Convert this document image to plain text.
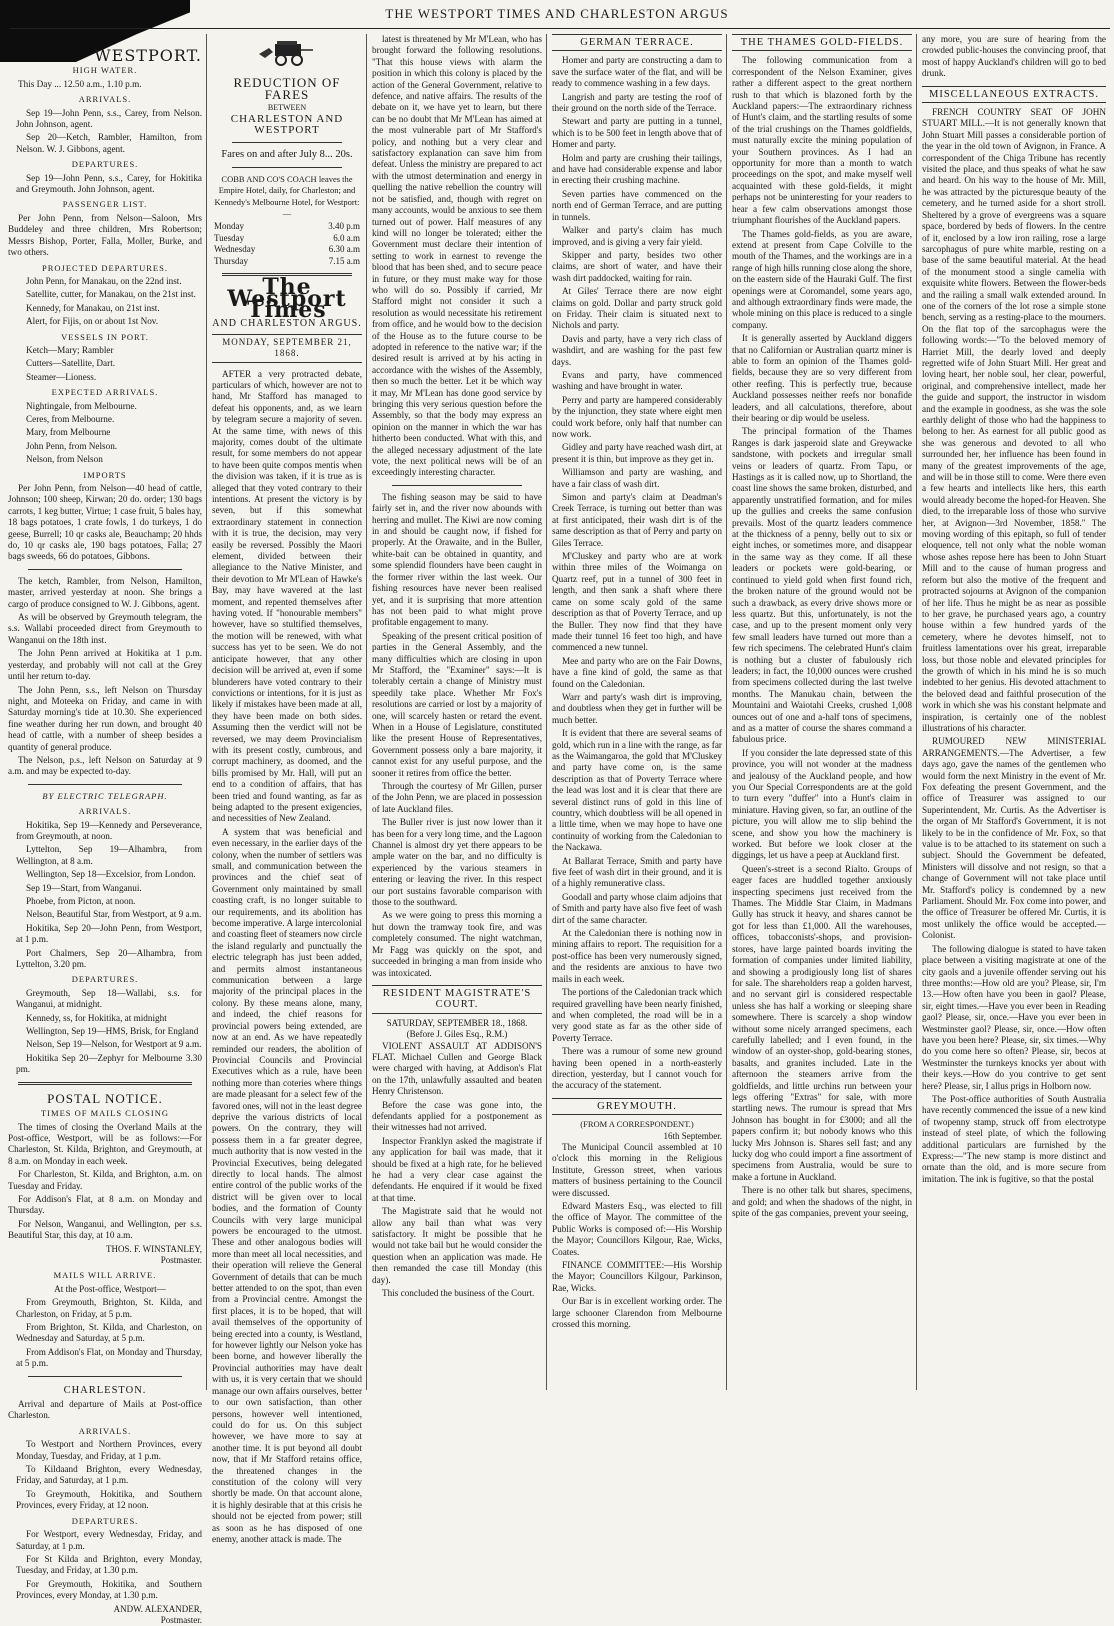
THE WESTPORT TIMES AND CHARLESTON ARGUS
WESTPORT.
HIGH WATER.

This Day ... 12.50 a.m., 1.10 p.m.

ARRIVALS.

Sep 19—John Penn, s.s., Carey, from Nelson. John Johnson, agent.

Sep 20—Ketch, Rambler, Hamilton, from Nelson. W. J. Gibbons, agent.

DEPARTURES.

Sep 19—John Penn, s.s., Carey, for Hokitika and Greymouth. John Johnson, agent.

PASSENGER LIST.

Per John Penn, from Nelson—Saloon, Mrs Buddeley and three children, Mrs Robertson; Messrs Bishop, Porter, Falla, Moller, Burke, and two others.

PROJECTED DEPARTURES.

John Penn, for Manakau, on the 22nd inst.

Satellite, cutter, for Manakau, on the 21st inst.

Kennedy, for Manakau, on 21st inst.

Alert, for Fijis, on or about 1st Nov.

VESSELS IN PORT.

Ketch—Mary; Rambler

Cutters—Satellite, Dart.

Steamer—Lioness.

EXPECTED ARRIVALS.

Nightingale, from Melbourne.

Ceres, from Melbourne.

Mary, from Melbourne

John Penn, from Nelson.

Nelson, from Nelson

IMPORTS

Per John Penn, from Nelson—40 head of cattle, Johnson; 100 sheep, Kirwan; 20 do. order; 130 bags carrots, 1 keg butter, Virtue; 1 case fruit, 5 bales hay, 18 bags potatoes, 1 crate fowls, 1 do turkeys, 1 do geese, Burrell; 10 qr casks ale, Beauchamp; 20 hhds do, 10 qr casks ale, 190 bags potatoes, Falla; 27 bags sweeds, 66 do potatoes, Gibbons.

The ketch, Rambler, from Nelson, Hamilton, master, arrived yesterday at noon. She brings a cargo of produce consigned to W. J. Gibbons, agent.

As will be observed by Greymouth telegram, the s.s. Wallabi proceeded direct from Greymouth to Wanganui on the 18th inst.

The John Penn arrived at Hokitika at 1 p.m. yesterday, and probably will not call at the Grey until her return to-day.

The John Penn, s.s., left Nelson on Thursday night, and Moteeka on Friday, and came in with Saturday morning's tide at 10.30. She experienced fine weather during her run down, and brought 40 head of cattle, with a number of sheep besides a quantity of general produce.

The Nelson, p.s., left Nelson on Saturday at 9 a.m. and may be expected to-day.

BY ELECTRIC TELEGRAPH.
ARRIVALS.

Hokitika, Sep 19—Kennedy and Perseverance, from Greymouth, at noon.

Lyttelton, Sep 19—Alhambra, from Wellington, at 8 a.m.

Wellington, Sep 18—Excelsior, from London.

Sep 19—Start, from Wanganui.

Phoebe, from Picton, at noon.

Nelson, Beautiful Star, from Westport, at 9 a.m.

Hokitika, Sep 20—John Penn, from Westport, at 1 p.m.

Port Chalmers, Sep 20—Alhambra, from Lyttelton, 3.20 pm.

DEPARTURES.

Greymouth, Sep 18—Wallabi, s.s. for Wanganui, at midnight.

Kennedy, ss, for Hokitika, at midnight

Wellington, Sep 19—HMS, Brisk, for England

Nelson, Sep 19—Nelson, for Westport at 9 a.m.

Hokitika Sep 20—Zephyr for Melbourne 3.30 pm.

POSTAL NOTICE.
TIMES OF MAILS CLOSING

The times of closing the Overland Mails at the Post-office, Westport, will be as follows:—For Charleston, St. Kilda, Brighton, and Greymouth, at 8 a.m. on Monday in each week.

For Charleston, St. Kilda, and Brighton, a.m. on Tuesday and Friday.

For Addison's Flat, at 8 a.m. on Monday and Thursday.

For Nelson, Wanganui, and Wellington, per s.s. Beautiful Star, this day, at 10 a.m.

THOS. F. WINSTANLEY,
Postmaster.
MAILS WILL ARRIVE.

At the Post-office, Westport—

From Greymouth, Brighton, St. Kilda, and Charleston, on Friday, at 5 p.m.

From Brighton, St. Kilda, and Charleston, on Wednesday and Saturday, at 5 p.m.

From Addison's Flat, on Monday and Thursday, at 5 p.m.

CHARLESTON.

Arrival and departure of Mails at Post-office Charleston.

ARRIVALS.

To Westport and Northern Provinces, every Monday, Tuesday, and Friday, at 1 p.m.

To Kildaand Brighton, every Wednesday, Friday, and Saturday, at 1 p.m.

To Greymouth, Hokitika, and Southern Provinces, every Friday, at 12 noon.

DEPARTURES.

For Westport, every Wednesday, Friday, and Saturday, at 1 p.m.

For St Kilda and Brighton, every Monday, Tuesday, and Friday, at 1.30 p.m.

For Greymouth, Hokitika, and Southern Provinces, every Monday, at 1.30 p.m.

ANDW. ALEXANDER,
Postmaster.
REDUCTION OF FARES
BETWEEN
CHARLESTON AND WESTPORT
Fares on and after July 8... 20s.

COBB AND CO'S COACH leaves the Empire Hotel, daily, for Charleston; and Kennedy's Melbourne Hotel, for Westport:—

Monday	3.40 p.m
Tuesday	6.0 a.m
Wednesday	6.30 a.m
Thursday	7.15 a.m
The Westport Times
AND CHARLESTON ARGUS.
MONDAY, SEPTEMBER 21, 1868.

AFTER a very protracted debate, particulars of which, however are not to hand, Mr Stafford has managed to defeat his opponents, and, as we learn by telegram secure a majority of seven. At the same time, with news of this majority, comes doubt of the ultimate result, for some members do not appear to have been quite compos mentis when the division was taken, if it is true as is alleged that they voted contrary to their intentions. At present the victory is by seven, but if this somewhat extraordinary statement in connection with it is true, the decision, may very easily be reversed. Possibly the Maori element, divided between their allegiance to the Native Minister, and their devotion to Mr M'Lean of Hawke's Bay, may have wavered at the last moment, and repented themselves after having voted. If "honourable members" however, have so stultified themselves, the motion will be renewed, with what success has yet to be seen. We do not anticipate however, that any other decision will be arrived at, even if some blunderers have voted contrary to their convictions or intentions, for it is just as likely if mistakes have been made at all, they have been made on both sides. Assuming then the verdict will not be reversed, we may deem Provincialism with its present costly, cumbrous, and corrupt machinery, as doomed, and the bills promised by Mr. Hall, will put an end to a condition of affairs, that has been tried and found wanting, as far as being adapted to the present exigencies, and necessities of New Zealand.

A system that was beneficial and even necessary, in the earlier days of the colony, when the number of settlers was small, and communication between the provinces and the chief seat of Government only maintained by small coasting craft, is no longer suitable to our requirements, and its abolition has become imperative. A large intercolonial and coasting fleet of steamers now circle the island regularly and punctually the electric telegraph has just been added, and permits almost instantaneous communication between a large majority of the principal places in the colony. By these means alone, many, and indeed, the chief reasons for provincial powers being extended, are now at an end. As we have repeatedly reminded our readers, the abolition of Provincial Councils and Provincial Executives which as a rule, have been nothing more than coteries where things are made pleasant for a select few of the favored ones, will not in the least degree deprive the various districts of local powers. On the contrary, they will possess them in a far greater degree, much authority that is now vested in the Provincial Executives, being delegated directly to local hands. The almost entire control of the public works of the district will be given over to local bodies, and the formation of County Councils with very large municipal powers be encouraged to the utmost. These and other analogous bodies will more than meet all local necessities, and their operation will relieve the General Government of details that can be much better attended to on the spot, than even from a Provincial centre. Amongst the first places, it is to be hoped, that will avail themselves of the opportunity of being erected into a county, is Westland, for however lightly our Nelson yoke has been borne, and however liberally the Provincial authorities may have dealt with us, it is very certain that we should manage our own affairs ourselves, better to our own satisfaction, than other persons, however well intentioned, could do for us. On this subject however, we have more to say at another time. It is put beyond all doubt now, that if Mr Stafford retains office, the threatened changes in the constitution of the colony will very shortly be made. On that account alone, it is highly desirable that at this crisis he should not be ejected from power; still as soon as he has disposed of one enemy, another attack is made. The

latest is threatened by Mr M'Lean, who has brought forward the following resolutions. "That this house views with alarm the position in which this colony is placed by the action of the General Government, relative to defence, and native affairs. The results of the debate on it, we have yet to learn, but there can be no doubt that Mr M'Lean has aimed at the most vulnerable part of Mr Stafford's policy, and nothing but a very clear and satisfactory explanation can save him from defeat. Unless the ministry are prepared to act with the utmost determination and energy in quelling the native rebellion the country will not be satisfied, and, though with regret on many accounts, would be anxious to see them turned out of power. Half measures of any kind will no longer be tolerated; either the Government must declare their intention of setting to work in earnest to revenge the blood that has been shed, and to secure peace in future, or they must make way for those who will do so. Possibly if carried, Mr Stafford might not consider it such a resolution as would necessitate his retirement from office, and he would bow to the decision of the House as to the future course to be adopted in reference to the native war; if the desired result is arrived at by his acting in accordance with the wishes of the Assembly, then so much the better. Let it be which way it may, Mr M'Lean has done good service by bringing this very serious question before the Assembly, so that the body may express an opinion on the manner in which the war has hitherto been conducted. What with this, and the alleged necessary adjustment of the late vote, the next political news will be of an exceedingly interesting character.

The fishing season may be said to have fairly set in, and the river now abounds with herring and mullet. The Kiwi are now coming in and should be caught now, if fished for properly. At the Orawaite, and in the Buller, white-bait can be obtained in quantity, and some splendid flounders have been caught in the former river within the last week. Our fishing resources have never been realised yet, and it is surprising that more attention has not been paid to what might prove profitable engagement to many.

Speaking of the present critical position of parties in the General Assembly, and the many difficulties which are closing in upon Mr Stafford, the "Examiner" says:—It is tolerably certain a change of Ministry must speedily take place. Whether Mr Fox's resolutions are carried or lost by a majority of one, will scarcely hasten or retard the event. When in a House of Legislature, constituted like the present House of Representatives, Government possess only a bare majority, it cannot exist for any useful purpose, and the sooner it retires from office the better.

Through the courtesy of Mr Gillen, purser of the John Penn, we are placed in possession of late Auckland files.

The Buller river is just now lower than it has been for a very long time, and the Lagoon Channel is almost dry yet there appears to be ample water on the bar, and no difficulty is experienced by the various steamers in entering or leaving the river. In this respect our port sustains favorable comparison with those to the southward.

As we were going to press this morning a hut down the tramway took fire, and was completely consumed. The night watchman, Mr Fagg was quickly on the spot, and succeeded in bringing a man from inside who was intoxicated.

RESIDENT MAGISTRATE'S COURT.
SATURDAY, SEPTEMBER 18., 1868.
(Before J. Giles Esq., R.M.)

VIOLENT ASSAULT AT ADDISON'S FLAT. Michael Cullen and George Black were charged with having, at Addison's Flat on the 17th, unlawfully assaulted and beaten Henry Christenson.

Before the case was gone into, the defendants applied for a postponement as their witnesses had not arrived.

Inspector Franklyn asked the magistrate if any application for bail was made, that it should be fixed at a high rate, for he believed he had a very clear case against the defendants. He enquired if it would be fixed at that time.

The Magistrate said that he would not allow any bail than what was very satisfactory. It might be possible that he would not take bail but he would consider the question when an application was made. He then remanded the case till Monday (this day).

This concluded the business of the Court.

GERMAN TERRACE.

Homer and party are constructing a dam to save the surface water of the flat, and will be ready to commence washing in a few days.

Langrish and party are testing the roof of their ground on the north side of the Terrace.

Stewart and party are putting in a tunnel, which is to be 500 feet in length above that of Homer and party.

Holm and party are crushing their tailings, and have had considerable expense and labor in erecting their crushing machine.

Seven parties have commenced on the north end of German Terrace, and are putting in tunnels.

Walker and party's claim has much improved, and is giving a very fair yield.

Skipper and party, besides two other claims, are short of water, and have their wash dirt paddocked, waiting for rain.

At Giles' Terrace there are now eight claims on gold. Dollar and party struck gold on Friday. Their claim is situated next to Nichols and party.

Davis and party, have a very rich class of washdirt, and are washing for the past few days.

Evans and party, have commenced washing and have brought in water.

Perry and party are hampered considerably by the injunction, they state where eight men could work before, only half that number can now work.

Gidley and party have reached wash dirt, at present it is thin, but improve as they get in.

Williamson and party are washing, and have a fair class of wash dirt.

Simon and party's claim at Deadman's Creek Terrace, is turning out better than was at first anticipated, their wash dirt is of the same description as that of Perry and party on Giles Terrace.

M'Cluskey and party who are at work within three miles of the Woimanga on Quartz reef, put in a tunnel of 300 feet in length, and then sank a shaft where there came on some scaly gold of the same description as that of Poverty Terrace, and up the Buller. They now find that they have made their tunnel 16 feet too high, and have commenced a new tunnel.

Mee and party who are on the Fair Downs, have a fine kind of gold, the same as that found on the Caledonian.

Warr and party's wash dirt is improving, and doubtless when they get in further will be much better.

It is evident that there are several seams of gold, which run in a line with the range, as far as the Waimangaroa, the gold that M'Cluskey and party have come on, is the same description as that of Poverty Terrace where the lead was lost and it is clear that there are several distinct runs of gold in this line of country, which doubtless will be all opened in a little time, when we may hope to have one continuity of working from the Caledonian to the Nackawa.

At Ballarat Terrace, Smith and party have five feet of wash dirt in their ground, and it is of a highly remunerative class.

Goodall and party whose claim adjoins that of Smith and party have also five feet of wash dirt of the same character.

At the Caledonian there is nothing now in mining affairs to report. The requisition for a post-office has been very numerously signed, and the residents are anxious to have two mails in each week.

The portions of the Caledonian track which required gravelling have been nearly finished, and when completed, the road will be in a very good state as far as the other side of Poverty Terrace.

There was a rumour of some new ground having been opened in a north-easterly direction, yesterday, but I cannot vouch for the accuracy of the statement.

GREYMOUTH.
(FROM A CORRESPONDENT.)
16th September.

The Municipal Council assembled at 10 o'clock this morning in the Religious Institute, Gresson street, when various matters of business pertaining to the Council were discussed.

Edward Masters Esq., was elected to fill the office of Mayor. The committee of the Public Works is composed of:—His Worship the Mayor; Councillors Kilgour, Rae, Wicks, Coates.

FINANCE COMMITTEE:—His Worship the Mayor; Councillors Kilgour, Parkinson, Rae, Wicks.

Our Bar is in excellent working order. The large schooner Clarendon from Melbourne crossed this morning.

THE THAMES GOLD-FIELDS.

The following communication from a correspondent of the Nelson Examiner, gives rather a different aspect to the great northern rush to that which is blazoned forth by the Auckland papers:—The extraordinary richness of Hunt's claim, and the startling results of some of the trial crushings on the Thames goldfields, must naturally excite the mining population of your Southern provinces. As I had an opportunity for more than a month to watch proceedings on the spot, and make myself well acquainted with these gold-fields, it might perhaps not be uninteresting for your readers to hear a few calm observations amongst those triumphant flourishes of the Auckland papers.

The Thames gold-fields, as you are aware, extend at present from Cape Colville to the mouth of the Thames, and the workings are in a range of high hills running close along the shore, on the eastern side of the Hauraki Gulf. The first openings were at Coromandel, some years ago, and although extraordinary finds were made, the whole mining on this place is reduced to a single company.

It is generally asserted by Auckland diggers that no Californian or Australian quartz miner is able to form an opinion of the Thames gold-fields, because they are so very different from other reefing. This is perfectly true, because Auckland possesses neither reefs nor bonafide leaders, and all calculations, therefore, about their bearing or dip would be useless.

The principal formation of the Thames Ranges is dark jasperoid slate and Greywacke sandstone, with pockets and irregular small veins or leaders of quartz. From Tapu, or Hastings as it is called now, up to Shortland, the coast line shows the same broken, disturbed, and apparently unstratified formation, and for miles up the gullies and creeks the same confusion prevails. Most of the quartz leaders commence at the thickness of a penny, belly out to six or eight inches, or sometimes more, and disappear in the same way as they come. If all these leaders or pockets were gold-bearing, or continued to yield gold when first found rich, the broken nature of the ground would not be such a drawback, as every drive shows more or less quartz. But this, unfortunately, is not the case, and up to the present moment only very few small leaders have turned out more than a few rich specimens. The celebrated Hunt's claim is nothing but a cluster of fabulously rich leaders; in fact, the 10,000 ounces were crushed from specimens collected during the last twelve months. The Manukau chain, between the Mountaini and Waiotahi Creeks, crushed 1,008 ounces out of one and a-half tons of specimens, and as a matter of course the shares command a fabulous price.

If you consider the late depressed state of this province, you will not wonder at the madness and jealousy of the Auckland people, and how you Our Special Correspondents are at the gold to turn every "duffer" into a Hunt's claim in miniature. Having given, so far, an outline of the picture, you will allow me to slip behind the scene, and show you how the machinery is worked. But before we look closer at the diggings, let us have a peep at Auckland first.

Queen's-street is a second Rialto. Groups of eager faces are huddled together anxiously inspecting specimens just received from the Thames. The Middle Star Claim, in Madmans Gully has struck it heavy, and shares cannot be got for less than £1,000. All the warehouses, offices, tobacconists'-shops, and provision-stores, have large painted boards inviting the formation of companies under limited liability, and showing a prodigiously long list of shares for sale. The shareholders reap a golden harvest, and no servant girl is considered respectable unless she has half a working or sleeping share somewhere. There is scarcely a shop window without some nicely arranged specimens, each carefully labelled; and I even found, in the window of an oyster-shop, gold-bearing stones, basalts, and granites included. Late in the afternoon the steamers arrive from the goldfields, and little urchins run between your legs offering "Extras" for sale, with more startling news. The rumour is spread that Mrs Johnson has bought in for £3000; and all the papers confirm it; but nobody knows who this lucky Mrs Johnson is. Shares sell fast; and any lucky dog who could import a fine assortment of specimens from Australia, would be sure to make a fortune in Auckland.

There is no other talk but shares, specimens, and gold; and when the shadows of the night, in spite of the gas companies, prevent your seeing,

any more, you are sure of hearing from the crowded public-houses the convincing proof, that most of happy Auckland's children will go to bed drunk.

MISCELLANEOUS EXTRACTS.

FRENCH COUNTRY SEAT OF JOHN STUART MILL.—It is not generally known that John Stuart Mill passes a considerable portion of the year in the old town of Avignon, in France. A correspondent of the Chiga Tribune has recently visited the place, and thus speaks of what he saw and heard. On his way to the house of Mr. Mill, he was attracted by the picturesque beauty of the cemetery, and he turned aside for a short stroll. Sheltered by a grove of evergreens was a square space, bordered by beds of flowers. In the centre of it, enclosed by a low iron railing, rose a large sarcophagus of pure white marble, resting on a base of the same beautiful material. At the head of the monument stood a single camelia with exquisite white flowers. Between the flower-beds and the railing a small walk extended around. In one of the corners of the lot rose a simple stone bench, serving as a resting-place to the mourners. On the flat top of the sarcophagus were the following words:—"To the beloved memory of Harriet Mill, the dearly loved and deeply regretted wife of John Stuart Mill. Her great and loving heart, her noble soul, her clear, powerful, original, and comprehensive intellect, made her the guide and support, the instructor in wisdom and the example in goodness, as she was the sole earthly delight of those who had the happiness to belong to her. As earnest for all public good as she was generous and devoted to all who surrounded her, her influence has been found in many of the greatest improvements of the age, and will be in those still to come. Were there even a few hearts and intellects like hers, this earth would already become the hoped-for Heaven. She died, to the irreparable loss of those who survive her, at Avignon—3rd November, 1858." The moving wording of this epitaph, so full of tender eloquence, tell not only what the noble woman whose ashes repose here has been to John Stuart Mill and to the cause of human progress and reform but also the motive of the frequent and protracted sojourns at Avignon of the companion of her life. Thus he might be as near as possible to her grave, he purchased years ago, a country house within a few hundred yards of the cemetery, where he devotes himself, not to fruitless lamentations over his great, irreparable loss, but those noble and elevated principles for the growth of which in his mind he is so much indebted to her genius. His devoted attachment to the beloved dead and faithful prosecution of the work in which she was his constant helpmate and inspiration, is certainly one of the noblest illustrations of his character.

RUMOURED NEW MINISTERIAL ARRANGEMENTS.—The Advertiser, a few days ago, gave the names of the gentlemen who would form the next Ministry in the event of Mr. Fox defeating the present Government, and the office of Treasurer was assigned to our Superintendent, Mr. Curtis. As the Advertiser is the organ of Mr Stafford's Government, it is not likely to be in the confidence of Mr. Fox, so that value is to be attached to its statement on such a subject. Should the Government be defeated, Ministers will dissolve and not resign, so that a change of Government will not take place until Mr. Stafford's policy is condemned by a new Parliament. Should Mr. Fox come into power, and the office of Treasurer be offered Mr. Curtis, it is most unlikely the office would be accepted.—Colonist.

The following dialogue is stated to have taken place between a visiting magistrate at one of the city gaols and a juvenile offender serving out his three months:—How old are you? Please, sir, I'm 13.—How often have you been in gaol? Please, sir, eight times.—Have you ever been in Reading gaol? Please, sir, once.—Have you ever been in Westminster gaol? Please, sir, once.—How often have you been here? Please, sir, six times.—Why do you come here so often? Please, sir, becos at Westminster the turnkeys knocks yer about with their keys.—How do you contrive to get sent here? Please, sir, I allus prigs in Holborn now.

The Post-office authorities of South Australia have recently commenced the issue of a new kind of twopenny stamp, struck off from electrotype instead of steel plate, of which the following additional particulars are furnished by the Express:—"The new stamp is more distinct and ornate than the old, and is more secure from imitation. The ink is fugitive, so that the postal
